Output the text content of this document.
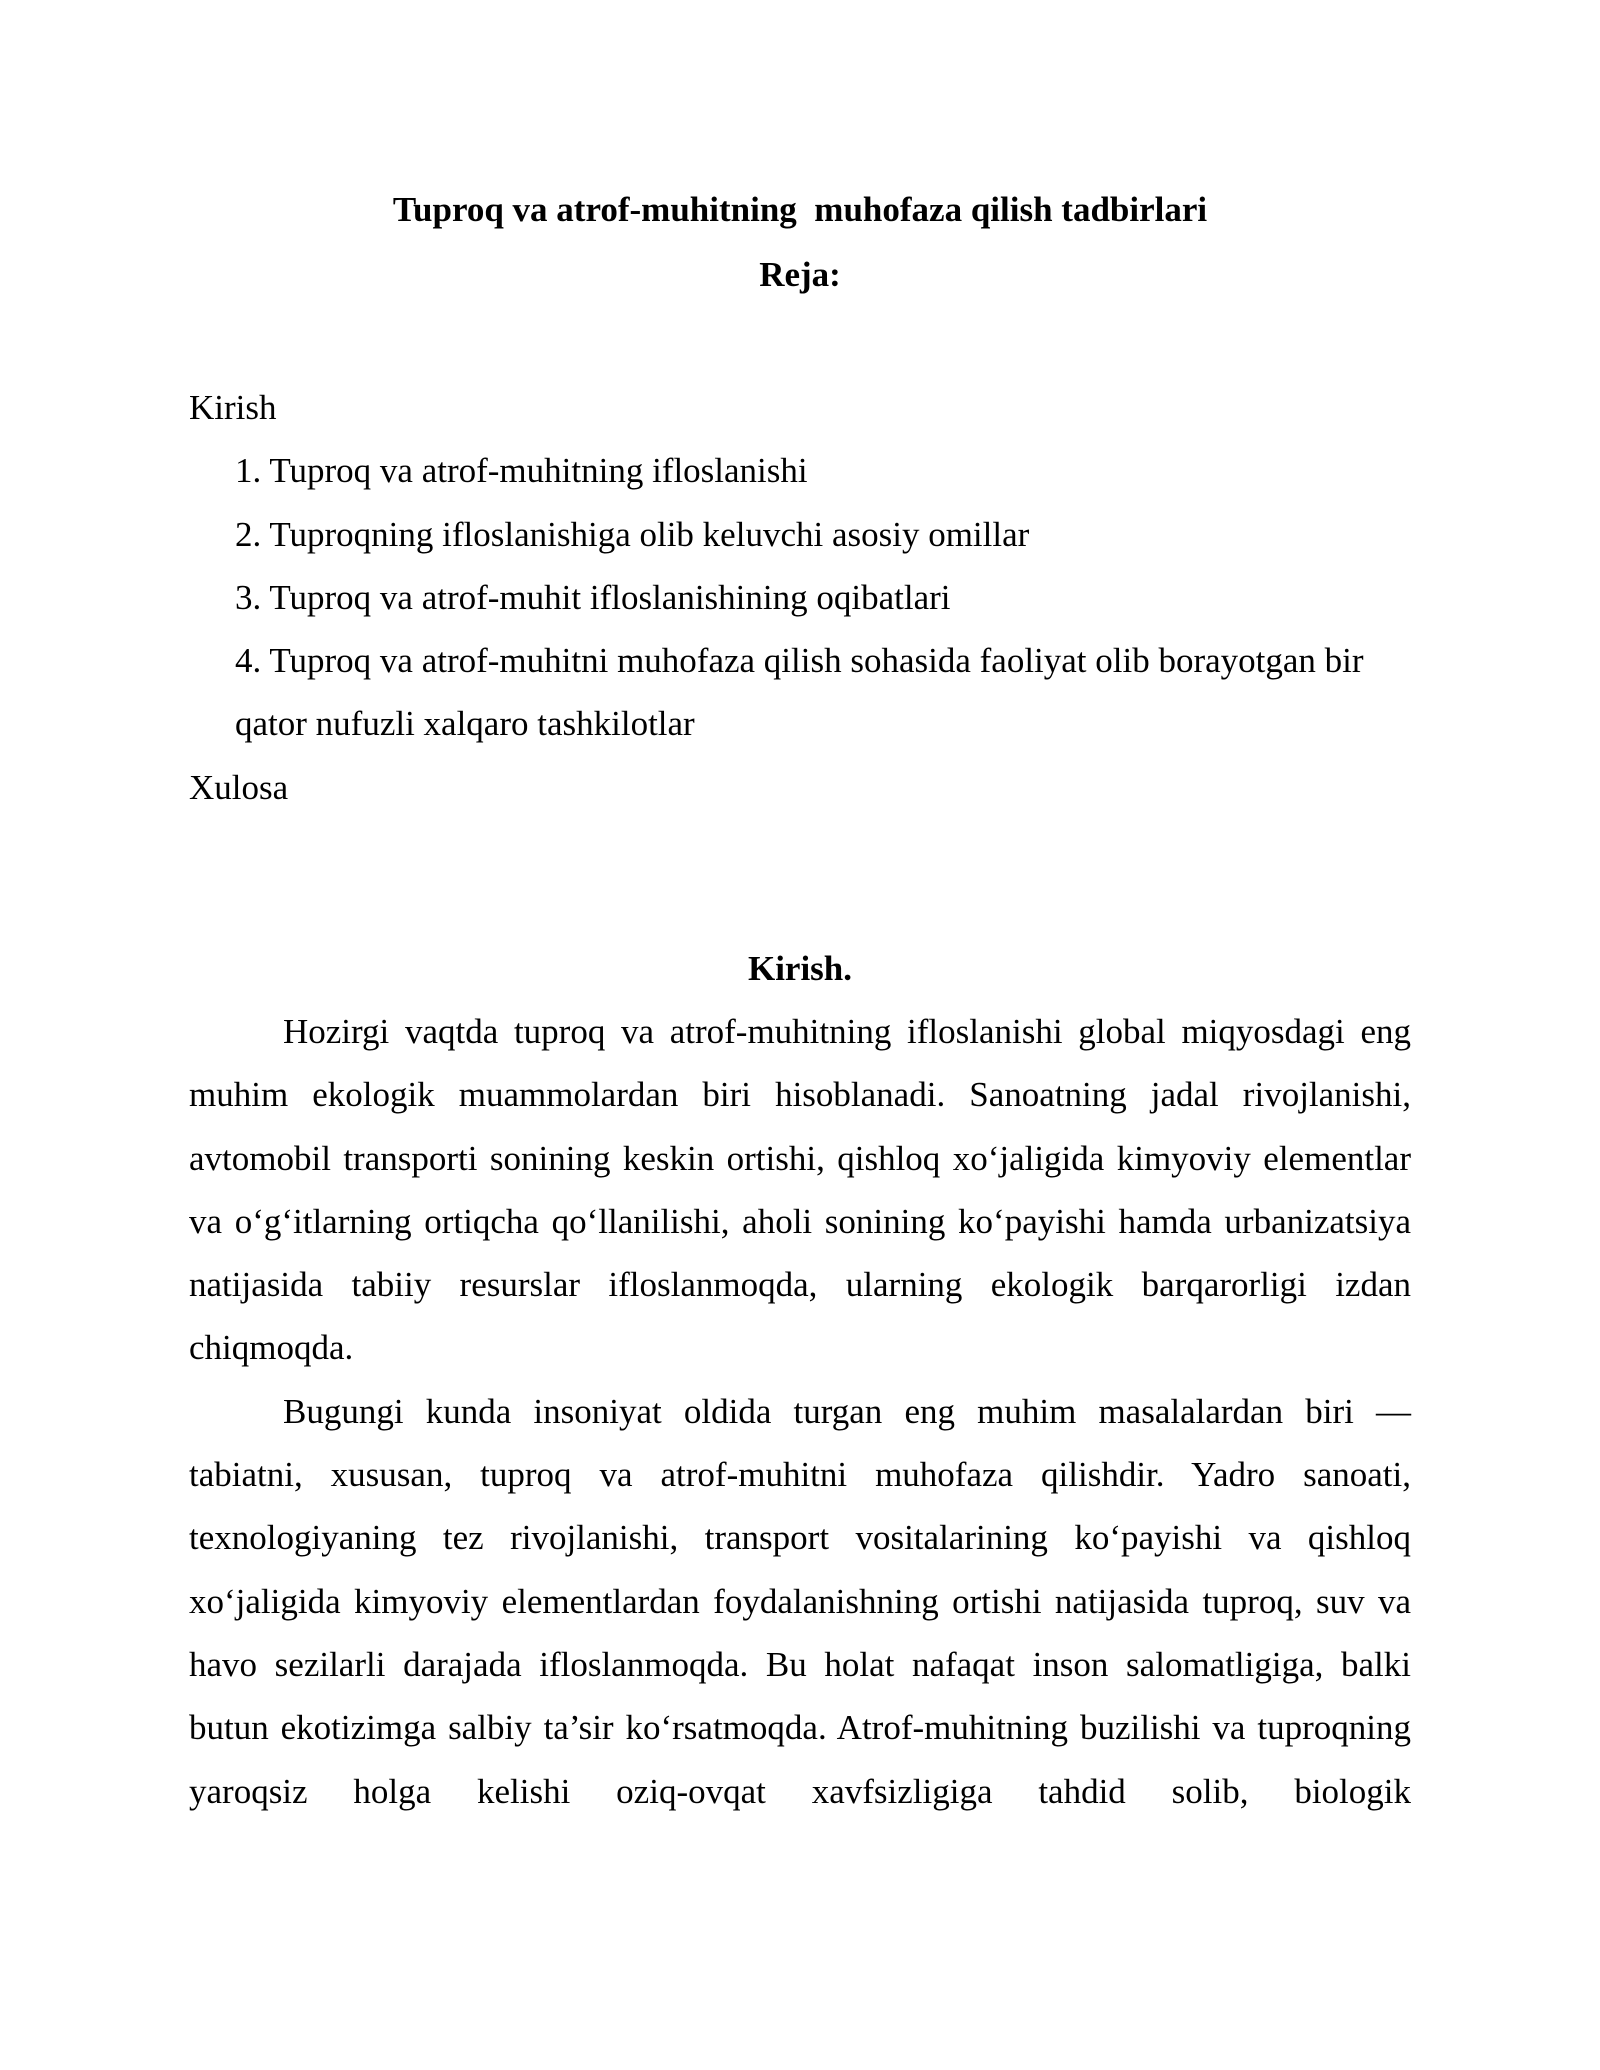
Tuproq va atrof-muhitning  muhofaza qilish tadbirlari
Reja:
Kirish
1. Tuproq va atrof-muhitning ifloslanishi
2. Tuproqning ifloslanishiga olib keluvchi asosiy omillar
3. Tuproq va atrof-muhit ifloslanishining oqibatlari
4. Tuproq va atrof-muhitni muhofaza qilish sohasida faoliyat olib borayotgan bir qator nufuzli xalqaro tashkilotlar
Xulosa
Kirish.

Hozirgi vaqtda tuproq va atrof-muhitning ifloslanishi global miqyosdagi eng muhim ekologik muammolardan biri hisoblanadi. Sanoatning jadal rivojlanishi, avtomobil transporti sonining keskin ortishi, qishloq xoʻjaligida kimyoviy elementlar va oʻgʻitlarning ortiqcha qoʻllanilishi, aholi sonining koʻpayishi hamda urbanizatsiya natijasida tabiiy resurslar ifloslanmoqda, ularning ekologik barqarorligi izdan chiqmoqda.

Bugungi kunda insoniyat oldida turgan eng muhim masalalardan biri — tabiatni, xususan, tuproq va atrof-muhitni muhofaza qilishdir. Yadro sanoati, texnologiyaning tez rivojlanishi, transport vositalarining koʻpayishi va qishloq xoʻjaligida kimyoviy elementlardan foydalanishning ortishi natijasida tuproq, suv va havo sezilarli darajada ifloslanmoqda. Bu holat nafaqat inson salomatligiga, balki butun ekotizimga salbiy ta’sir koʻrsatmoqda. Atrof-muhitning buzilishi va tuproqning yaroqsiz holga kelishi oziq-ovqat xavfsizligiga tahdid solib, biologik
